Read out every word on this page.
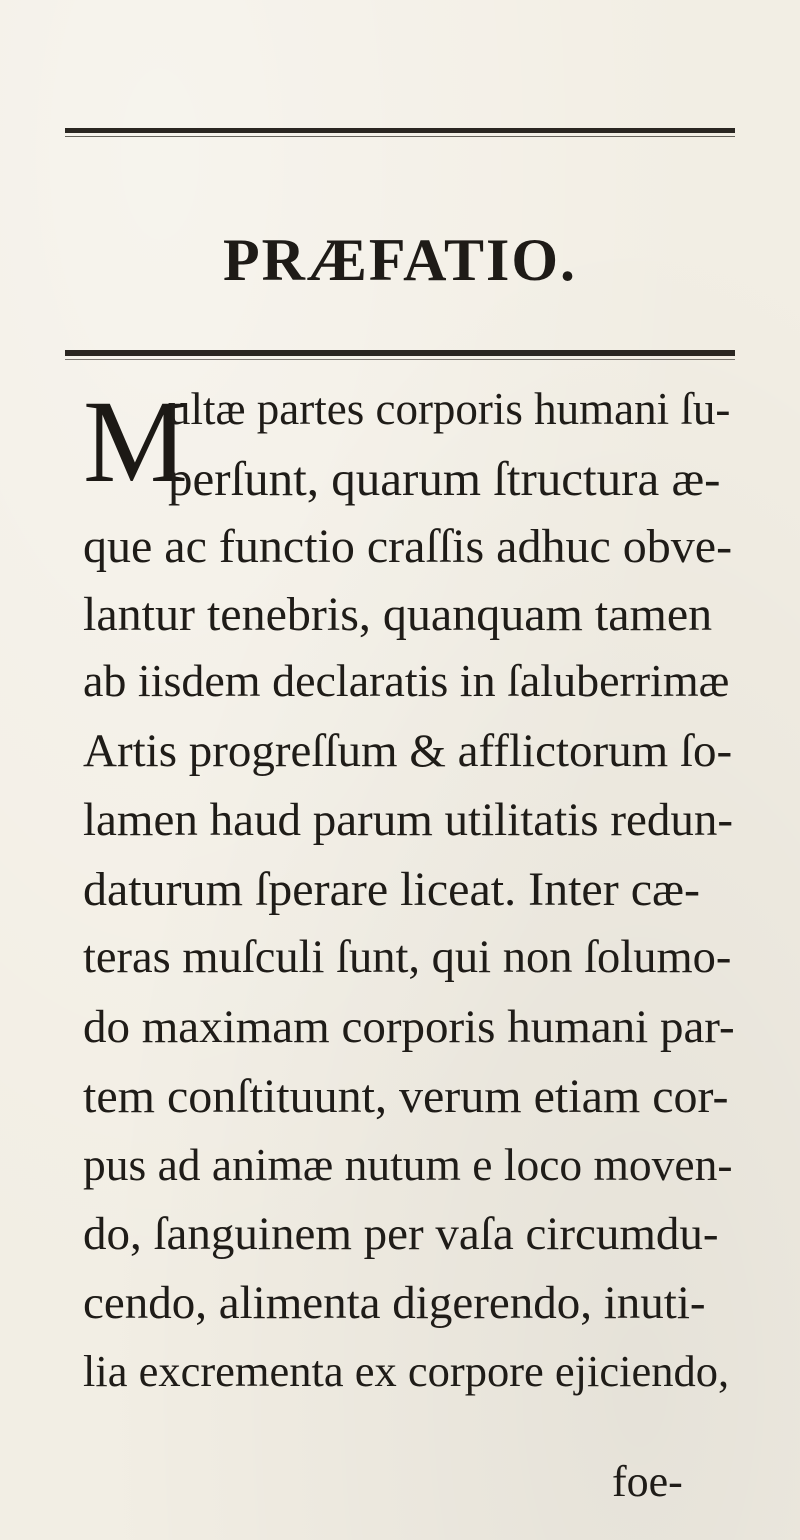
PRÆFATIO.
M
ultæ partes corporis humani ſu-
perſunt, quarum ſtructura æ-
que ac functio craſſis adhuc obve-
lantur tenebris, quanquam tamen
ab iisdem declaratis in ſaluberrimæ
Artis progreſſum & afflictorum ſo-
lamen haud parum utilitatis redun-
daturum ſperare liceat. Inter cæ-
teras muſculi ſunt, qui non ſolumo-
do maximam corporis humani par-
tem conſtituunt, verum etiam cor-
pus ad animæ nutum e loco moven-
do, ſanguinem per vaſa circumdu-
cendo, alimenta digerendo, inuti-
lia excrementa ex corpore ejiciendo,
foe-
